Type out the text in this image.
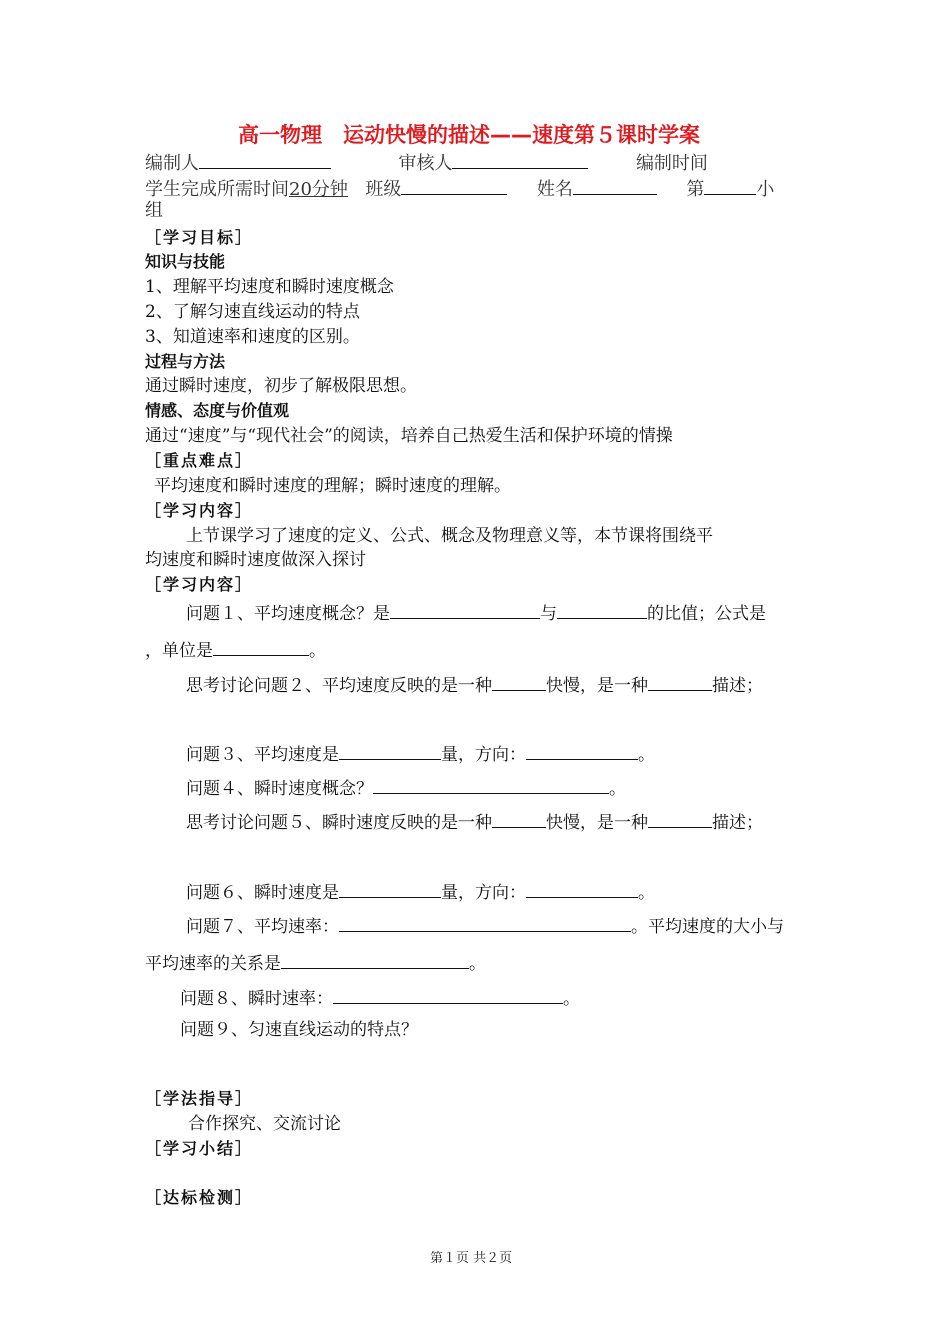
高一物理　运动快慢的描述——速度第５课时学案
编制人	审核人	编制时间
学生完成所需时间20分钟 班级	姓名	第	小
组
［学习目标］
知识与技能
1、理解平均速度和瞬时速度概念
2、了解匀速直线运动的特点
3、知道速率和速度的区别。
过程与方法
通过瞬时速度，初步了解极限思想。
情感、态度与价值观
通过“速度”与“现代社会”的阅读，培养自己热爱生活和保护环境的情操
［重点难点］
平均速度和瞬时速度的理解；瞬时速度的理解。
［学习内容］
上节课学习了速度的定义、公式、概念及物理意义等，本节课将围绕平
均速度和瞬时速度做深入探讨
［学习内容］
问题１、平均速度概念？是	与	的比值；公式是
，单位是	。
思考讨论问题２、平均速度反映的是一种	快慢，是一种	描述；
问题３、平均速度是	量，方向：	。
问题４、瞬时速度概念？	。
思考讨论问题５、瞬时速度反映的是一种	快慢，是一种	描述；
问题６、瞬时速度是	量，方向：	。
问题７、平均速率：	。平均速度的大小与
平均速率的关系是	。
问题８、瞬时速率：	。
问题９、匀速直线运动的特点？
［学法指导］
合作探究、交流讨论
［学习小结］
［达标检测］
第１页 共２页
